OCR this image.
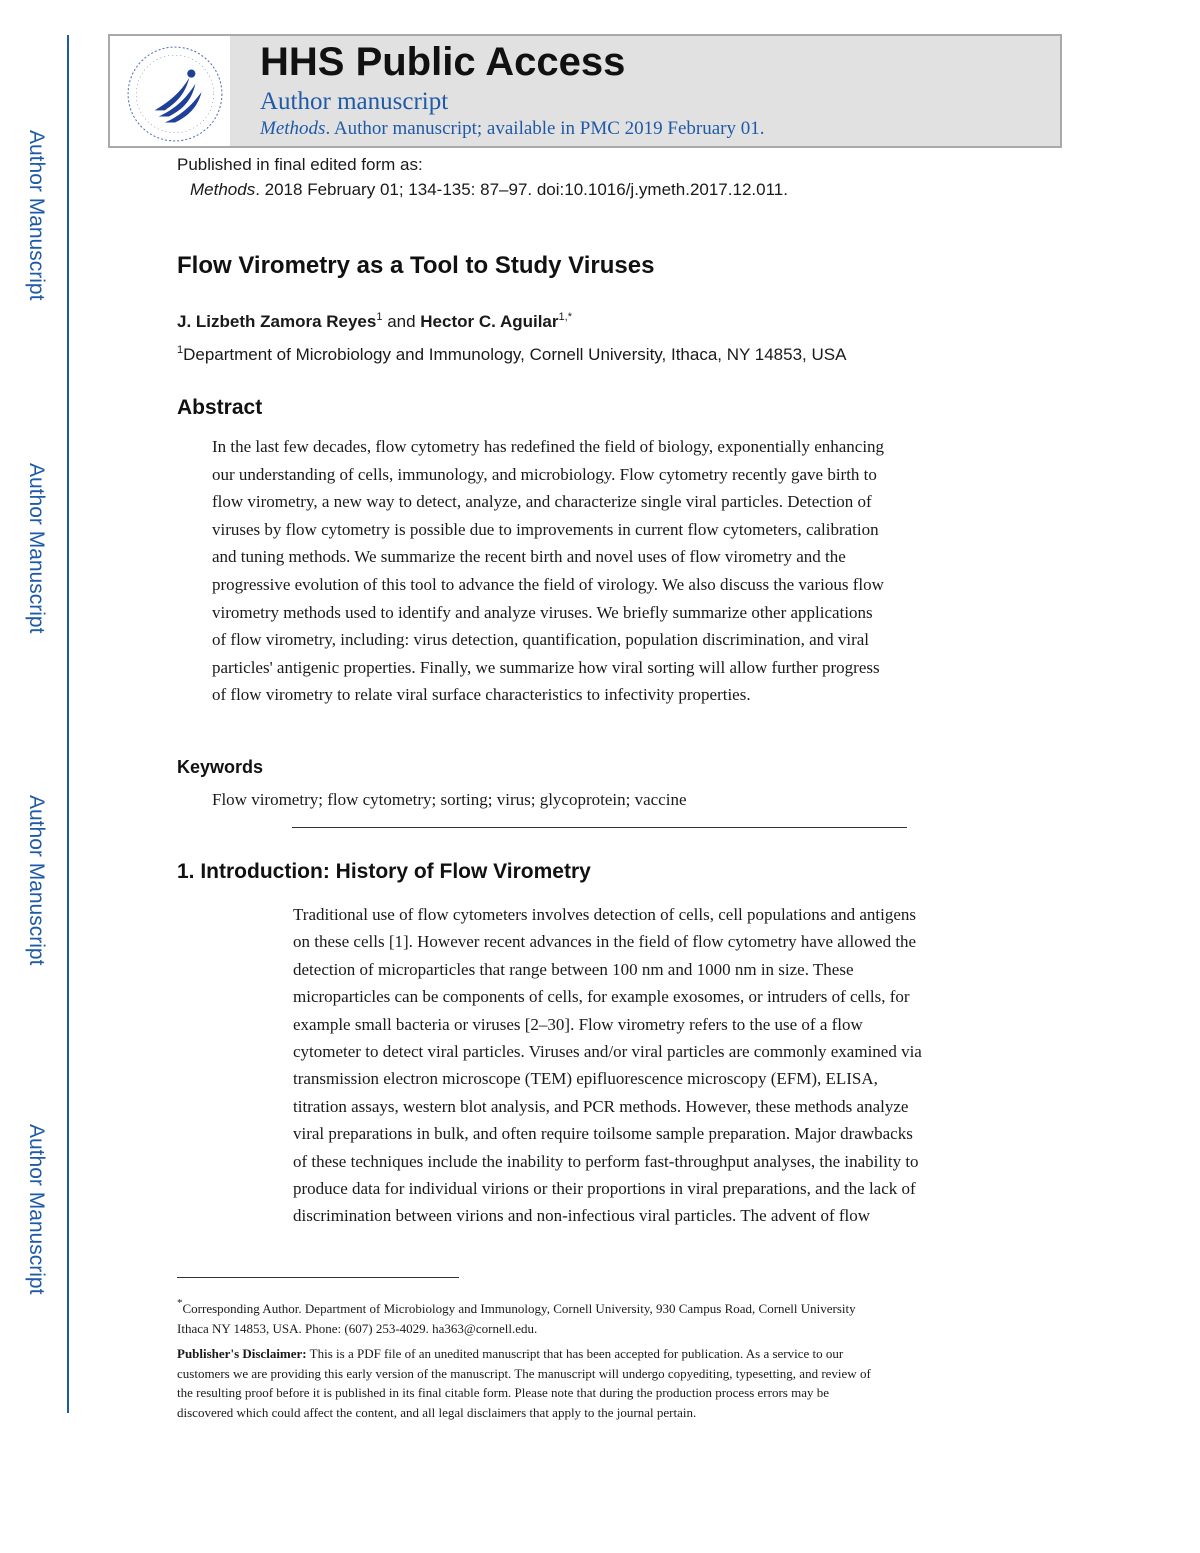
Author Manuscript
Author Manuscript
Author Manuscript
Author Manuscript
HHS Public Access
Author manuscript
Methods. Author manuscript; available in PMC 2019 February 01.
Published in final edited form as:
Methods. 2018 February 01; 134-135: 87–97. doi:10.1016/j.ymeth.2017.12.011.
Flow Virometry as a Tool to Study Viruses
J. Lizbeth Zamora Reyes$^1$ and Hector C. Aguilar$^{1,*}$
$^1$Department of Microbiology and Immunology, Cornell University, Ithaca, NY 14853, USA
Abstract
In the last few decades, flow cytometry has redefined the field of biology, exponentially enhancing
our understanding of cells, immunology, and microbiology. Flow cytometry recently gave birth to
flow virometry, a new way to detect, analyze, and characterize single viral particles. Detection of
viruses by flow cytometry is possible due to improvements in current flow cytometers, calibration
and tuning methods. We summarize the recent birth and novel uses of flow virometry and the
progressive evolution of this tool to advance the field of virology. We also discuss the various flow
virometry methods used to identify and analyze viruses. We briefly summarize other applications
of flow virometry, including: virus detection, quantification, population discrimination, and viral
particles' antigenic properties. Finally, we summarize how viral sorting will allow further progress
of flow virometry to relate viral surface characteristics to infectivity properties.
Keywords
Flow virometry; flow cytometry; sorting; virus; glycoprotein; vaccine
1. Introduction: History of Flow Virometry
Traditional use of flow cytometers involves detection of cells, cell populations and antigens
on these cells [1]. However recent advances in the field of flow cytometry have allowed the
detection of microparticles that range between 100 nm and 1000 nm in size. These
microparticles can be components of cells, for example exosomes, or intruders of cells, for
example small bacteria or viruses [2–30]. Flow virometry refers to the use of a flow
cytometer to detect viral particles. Viruses and/or viral particles are commonly examined via
transmission electron microscope (TEM) epifluorescence microscopy (EFM), ELISA,
titration assays, western blot analysis, and PCR methods. However, these methods analyze
viral preparations in bulk, and often require toilsome sample preparation. Major drawbacks
of these techniques include the inability to perform fast-throughput analyses, the inability to
produce data for individual virions or their proportions in viral preparations, and the lack of
discrimination between virions and non-infectious viral particles. The advent of flow

*Corresponding Author. Department of Microbiology and Immunology, Cornell University, 930 Campus Road, Cornell University

Ithaca NY 14853, USA. Phone: (607) 253-4029. ha363@cornell.edu.

Publisher's Disclaimer: This is a PDF file of an unedited manuscript that has been accepted for publication. As a service to our

customers we are providing this early version of the manuscript. The manuscript will undergo copyediting, typesetting, and review of

the resulting proof before it is published in its final citable form. Please note that during the production process errors may be

discovered which could affect the content, and all legal disclaimers that apply to the journal pertain.
